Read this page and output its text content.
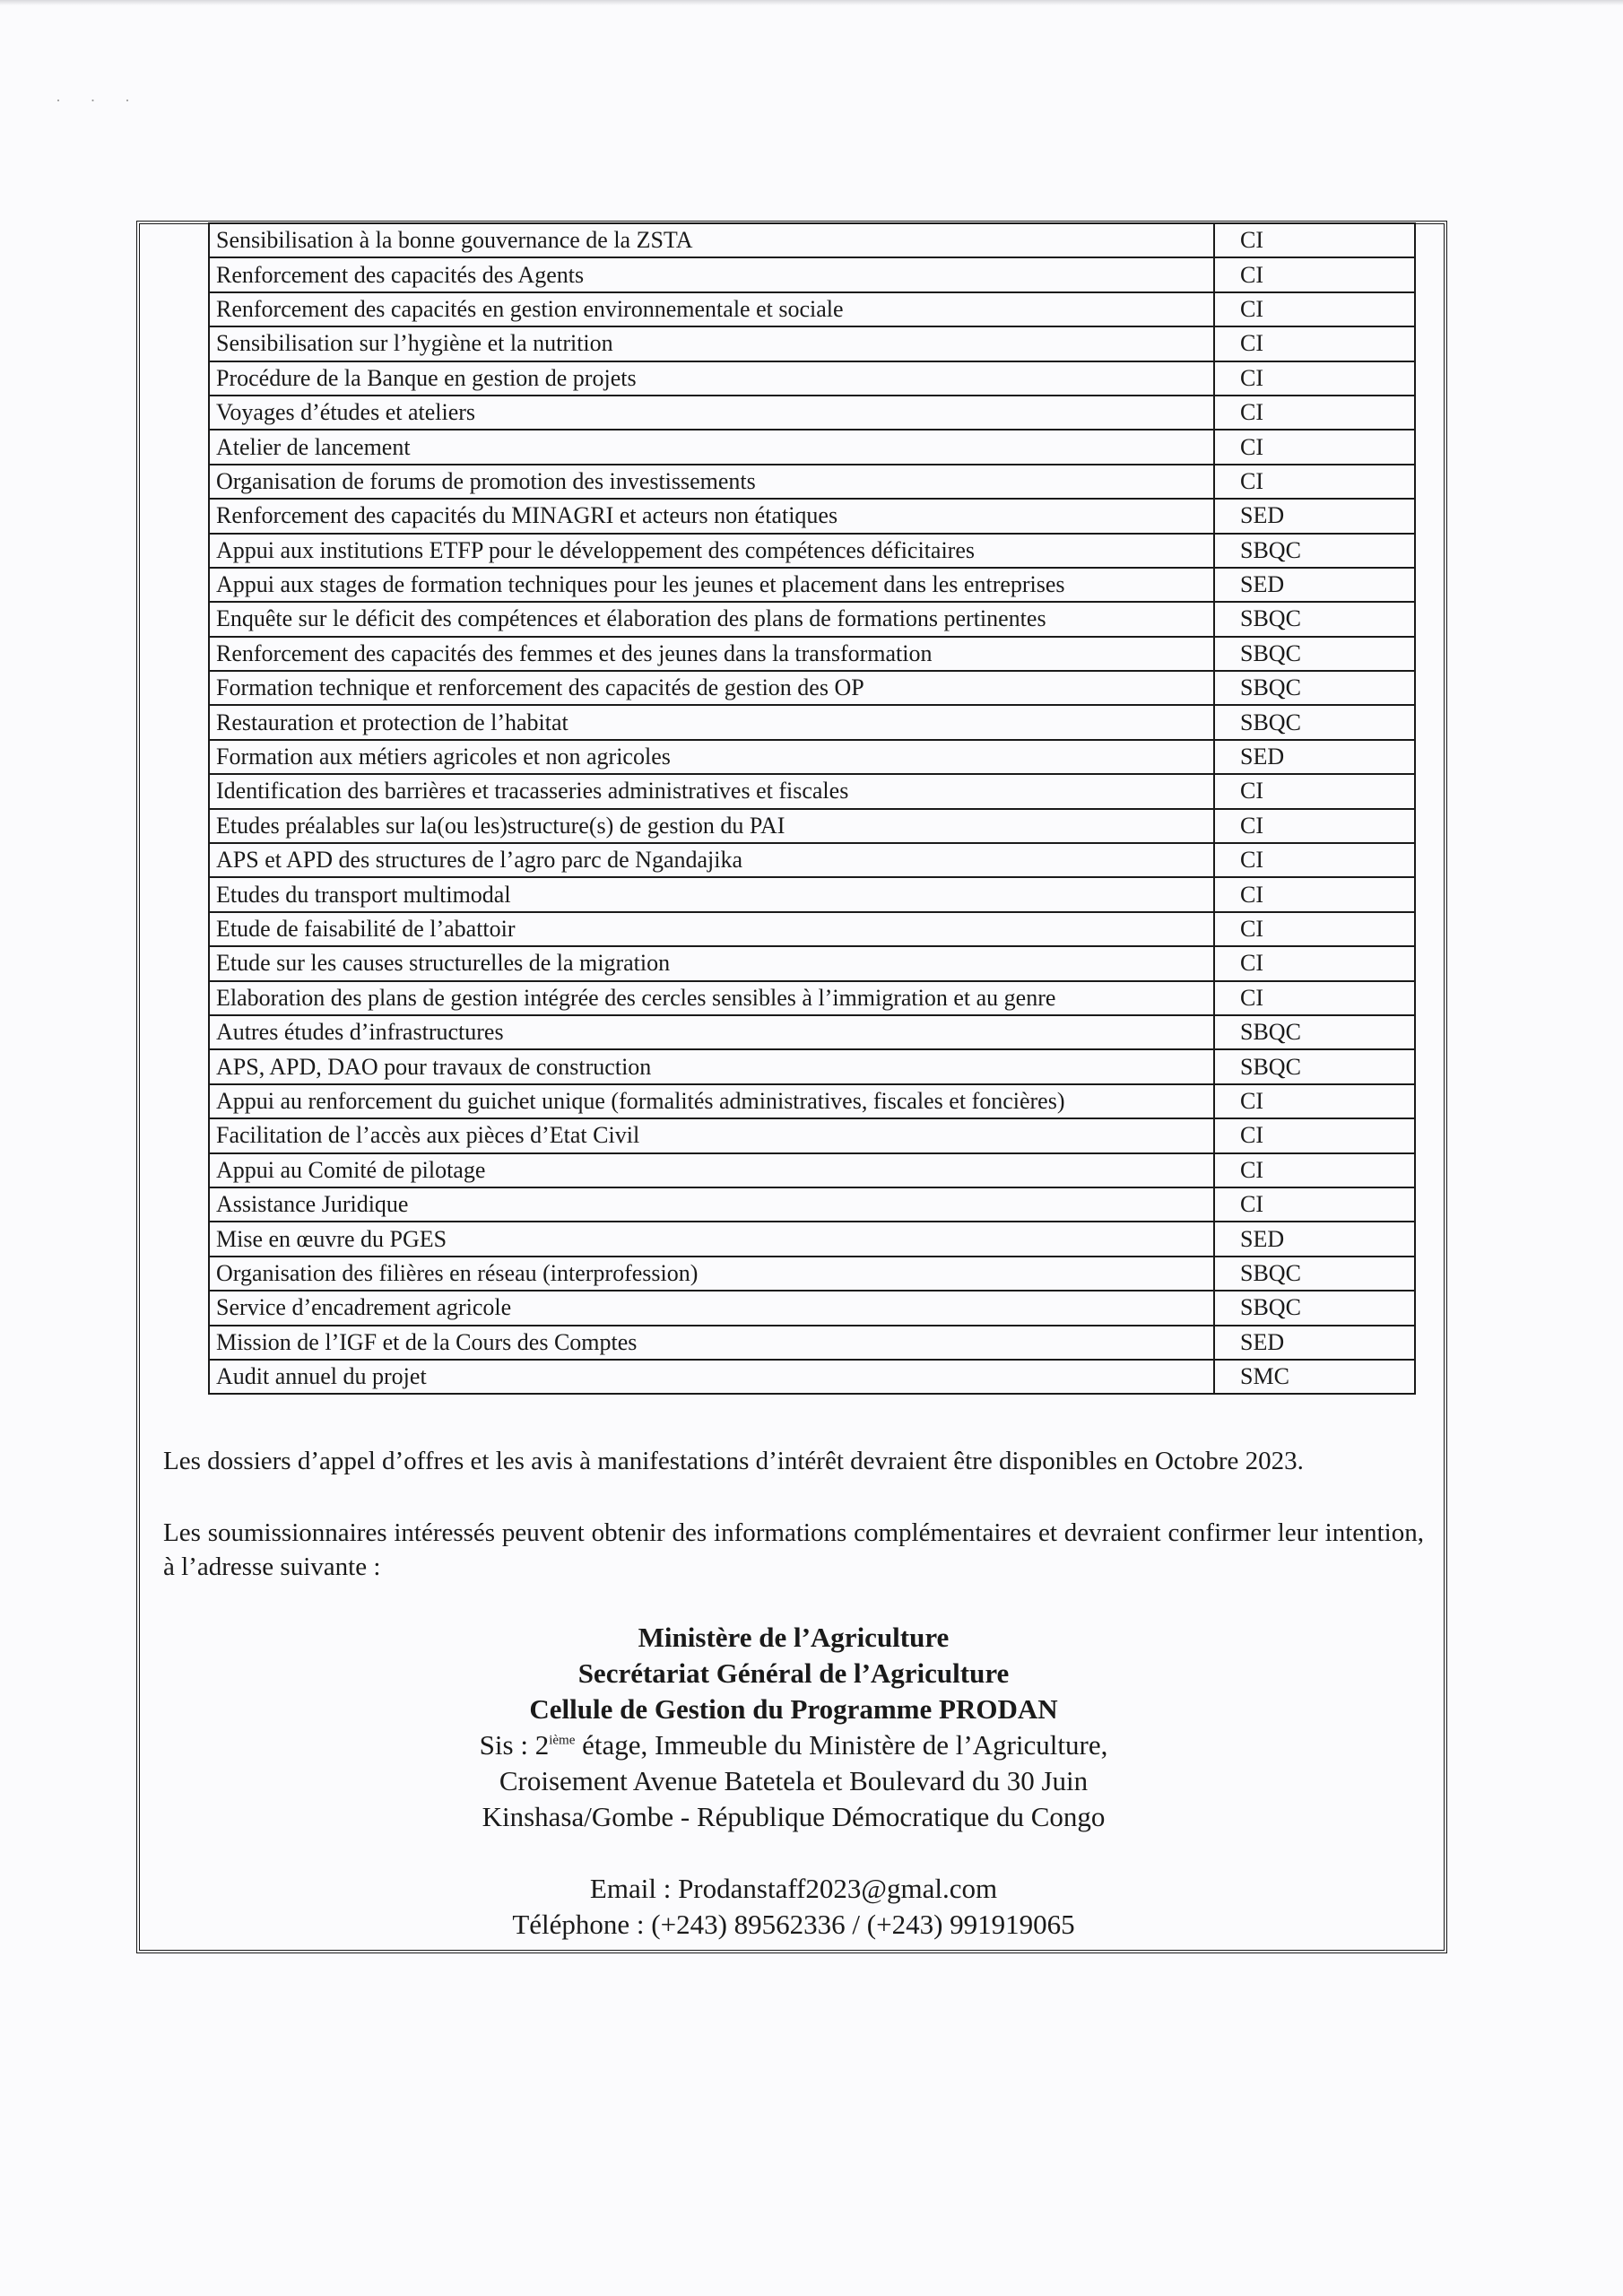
· · ·
Sensibilisation à la bonne gouvernance de la ZSTA	CI
Renforcement des capacités des Agents	CI
Renforcement des capacités en gestion environnementale et sociale	CI
Sensibilisation sur l’hygiène et la nutrition	CI
Procédure de la Banque en gestion de projets	CI
Voyages d’études et ateliers	CI
Atelier de lancement	CI
Organisation de forums de promotion des investissements	CI
Renforcement des capacités du MINAGRI et acteurs non étatiques	SED
Appui aux institutions ETFP pour le développement des compétences déficitaires	SBQC
Appui aux stages de formation techniques pour les jeunes et placement dans les entreprises	SED
Enquête sur le déficit des compétences et élaboration des plans de formations pertinentes	SBQC
Renforcement des capacités des femmes et des jeunes dans la transformation	SBQC
Formation technique et renforcement des capacités de gestion des OP	SBQC
Restauration et protection de l’habitat	SBQC
Formation aux métiers agricoles et non agricoles	SED
Identification des barrières et tracasseries administratives et fiscales	CI
Etudes préalables sur la(ou les)structure(s) de gestion du PAI	CI
APS et APD des structures de l’agro parc de Ngandajika	CI
Etudes du transport multimodal	CI
Etude de faisabilité de l’abattoir	CI
Etude sur les causes structurelles de la migration	CI
Elaboration des plans de gestion intégrée des cercles sensibles à l’immigration et au genre	CI
Autres études d’infrastructures	SBQC
APS, APD, DAO pour travaux de construction	SBQC
Appui au renforcement du guichet unique (formalités administratives, fiscales et foncières)	CI
Facilitation de l’accès aux pièces d’Etat Civil	CI
Appui au Comité de pilotage	CI
Assistance Juridique	CI
Mise en œuvre du PGES	SED
Organisation des filières en réseau (interprofession)	SBQC
Service d’encadrement agricole	SBQC
Mission de l’IGF et de la Cours des Comptes	SED
Audit annuel du projet	SMC

Les dossiers d’appel d’offres et les avis à manifestations d’intérêt devraient être disponibles en Octobre 2023.

Les soumissionnaires intéressés peuvent obtenir des informations complémentaires et devraient confirmer leur intention, à l’adresse suivante :

Ministère de l’Agriculture
Secrétariat Général de l’Agriculture
Cellule de Gestion du Programme PRODAN
Sis : 2ième étage, Immeuble du Ministère de l’Agriculture,
Croisement Avenue Batetela et Boulevard du 30 Juin
Kinshasa/Gombe - République Démocratique du Congo
Email : Prodanstaff2023@gmal.com
Téléphone : (+243) 89562336 / (+243) 991919065
